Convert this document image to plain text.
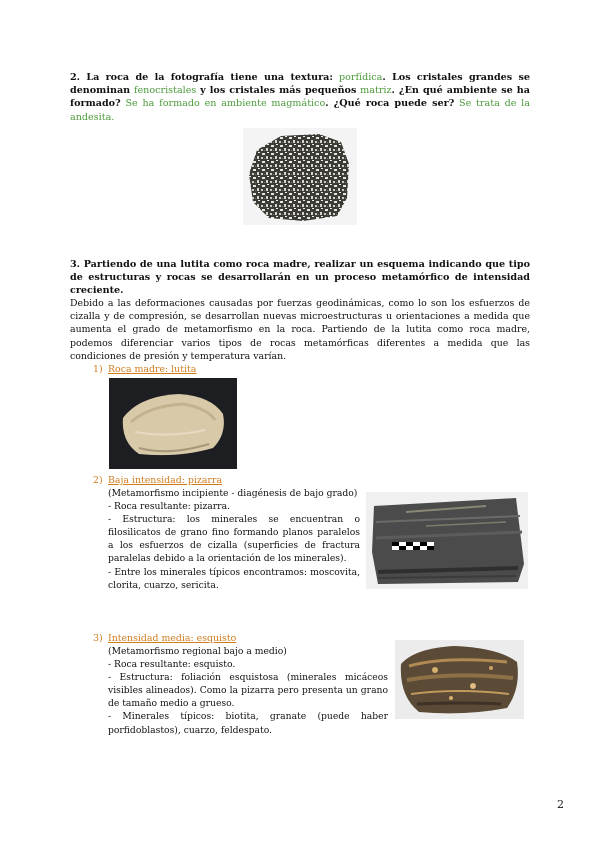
2. La roca de la fotografía tiene una textura: porfídica. Los cristales grandes se denominan fenocristales y los cristales más pequeños matriz. ¿En qué ambiente se ha formado? Se ha formado en ambiente magmático. ¿Qué roca puede ser? Se trata de la andesita.
3. Partiendo de una lutita como roca madre, realizar un esquema indicando que tipo de estructuras y rocas se desarrollarán en un proceso metamórfico de intensidad creciente.
Debido a las deformaciones causadas por fuerzas geodinámicas, como lo son los esfuerzos de cizalla y de compresión, se desarrollan nuevas microestructuras u orientaciones a medida que aumenta el grado de metamorfismo en la roca. Partiendo de la lutita como roca madre, podemos diferenciar varios tipos de rocas metamórficas diferentes a medida que las condiciones de presión y temperatura varían.
1) Roca madre: lutita
2) Baja intensidad: pizarra
(Metamorfismo incipiente - diagénesis de bajo grado)
- Roca resultante: pizarra.
- Estructura: los minerales se encuentran o filosilicatos de grano fino formando planos paralelos a los esfuerzos de cizalla (superficies de fractura paralelas debido a la orientación de los minerales).
- Entre los minerales típicos encontramos: moscovita, clorita, cuarzo, sericita.
3) Intensidad media: esquisto
(Metamorfismo regional bajo a medio)
- Roca resultante: esquisto.
- Estructura: foliación esquistosa (minerales micáceos visibles alineados). Como la pizarra pero presenta un grano de tamaño medio a grueso.
- Minerales típicos: biotita, granate (puede haber porfidoblastos), cuarzo, feldespato.
2
